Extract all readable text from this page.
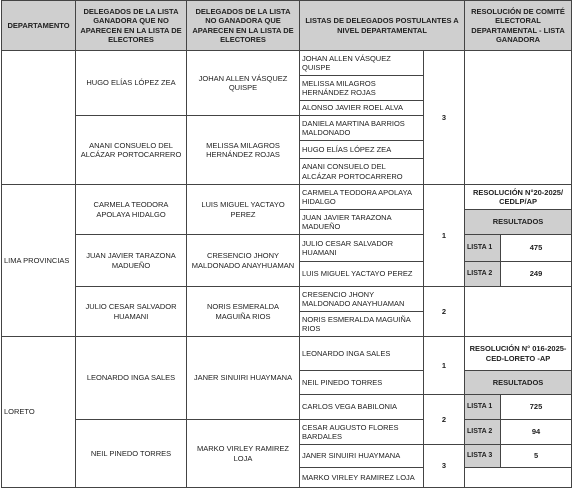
DEPARTAMENTO	DELEGADOS DE LA LISTA GANADORA QUE NO APARECEN EN LA LISTA DE ELECTORES	DELEGADOS DE LA LISTA NO GANADORA QUE APARECEN EN LA LISTA DE ELECTORES	LISTAS DE DELEGADOS POSTULANTES A NIVEL DEPARTAMENTAL		RESOLUCIÓN DE COMITÉ ELECTORAL DEPARTAMENTAL - LISTA GANADORA	
	HUGO ELÍAS LÓPEZ ZEA	JOHAN ALLEN VÁSQUEZ QUISPE	JOHAN ALLEN VÁSQUEZ QUISPE	3		
			MELISSA MILAGROS HERNÁNDEZ ROJAS			
			ALONSO JAVIER ROEL ALVA			
	ANANI CONSUELO DEL ALCÁZAR PORTOCARRERO	MELISSA MILAGROS HERNÁNDEZ ROJAS	DANIELA MARTINA BARRIOS MALDONADO			
			HUGO ELÍAS LÓPEZ ZEA			
			ANANI CONSUELO DEL ALCÁZAR PORTOCARRERO			
LIMA PROVINCIAS	CARMELA TEODORA APOLAYA HIDALGO	LUIS MIGUEL YACTAYO PEREZ	CARMELA TEODORA APOLAYA HIDALGO	1	RESOLUCIÓN N°20-2025/ CEDLP/AP	
			JUAN JAVIER TARAZONA MADUEÑO		RESULTADOS	
	JUAN JAVIER TARAZONA MADUEÑO	CRESENCIO JHONY MALDONADO ANAYHUAMAN	JULIO CESAR SALVADOR HUAMANI		LISTA 1	475
			LUIS MIGUEL YACTAYO PEREZ		LISTA 2	249
	JULIO CESAR SALVADOR HUAMANI	NORIS ESMERALDA MAGUIÑA RIOS	CRESENCIO JHONY MALDONADO ANAYHUAMAN	2		
			NORIS ESMERALDA MAGUIÑA RIOS			
LORETO	LEONARDO INGA SALES	JANER SINUIRI HUAYMANA	LEONARDO INGA SALES	1	RESOLUCIÓN N° 016-2025-CED-LORETO -AP	
			NEIL PINEDO TORRES		RESULTADOS	
			CARLOS VEGA BABILONIA	2	LISTA 1	725
	NEIL PINEDO TORRES	MARKO VIRLEY RAMIREZ LOJA	CESAR AUGUSTO FLORES BARDALES		LISTA 2	94
			JANER SINUIRI HUAYMANA	3	LISTA 3	5
			MARKO VIRLEY RAMIREZ LOJA			
